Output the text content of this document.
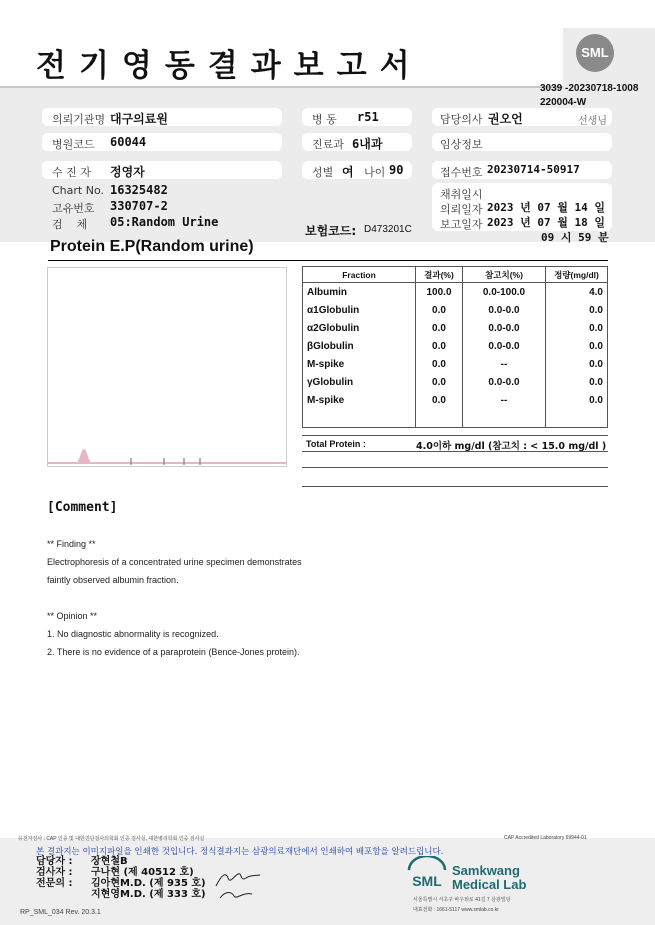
전기영동결과보고서	SML
3039 -20230718-1008
220004-W
의뢰기관명 대구의료원
병원코드 60044
수 진 자 정영자
Chart No. 16325482
고유번호 330707-2
검    체 05:Random Urine
병 동 r51
진료과 6내과
성별 여 나이 90
보험코드: D473201C
담당의사 권오언	선생님
임상정보
접수번호 20230714-50917
채취일시
의뢰일자 2023 년 07 월 14 일
보고일자 2023 년 07 월 18 일
09 시 59 분
Protein E.P(Random urine)
Fraction	결과(%)	참고치(%)	정량(mg/dl)
Albumin	100.0	0.0-100.0	4.0
α1Globulin	0.0	0.0-0.0	0.0
α2Globulin	0.0	0.0-0.0	0.0
βGlobulin	0.0	0.0-0.0	0.0
M-spike	0.0	--	0.0
γGlobulin	0.0	0.0-0.0	0.0
M-spike	0.0	--	0.0

Total Protein :	4.0이하 mg/dl (참고치 : < 15.0 mg/dl )
[Comment]
** Finding **
Electrophoresis of a concentrated urine specimen demonstrates
faintly observed albumin fraction.
** Opinion **
1. No diagnostic abnormality is recognized.
2. There is no evidence of a paraprotein (Bence-Jones protein).
유전자검사 : CAP 인증 및 대한진단검사의학회 인증 검사실, 대한병리학회 인증 검사실	CAP Accredited Laboratory 69944-01
본 결과지는 이미지파일을 인쇄한 것입니다. 정식결과지는 삼광의료재단에서 인쇄하여 배포함을 알려드립니다.
담당자 : 장현철B
검사자 : 구나현 (제 40512 호)
전문의 : 김아현M.D. (제 935 호)
지현영M.D. (제 333 호)
SML
Samkwang
Medical Lab
서울특별시 서초구 바우뫼로 41길 7 삼광빌딩
대표전화 : 1661-5117 www.smlab.co.kr
RP_SML_034 Rev. 20.3.1
